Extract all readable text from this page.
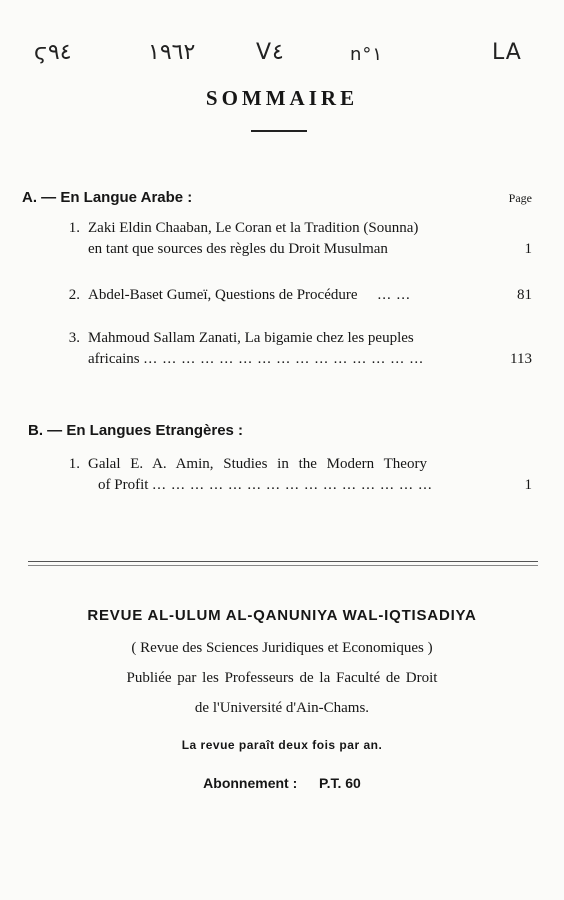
ϛ٩٤	١٩٦٢	V٤	n°١	LA
SOMMAIRE
A. — En Langue Arabe :	Page
1. Zaki Eldin Chaaban, Le Coran et la Tradition (Sounna)
en tant que sources des règles du Droit Musulman	1
2. Abdel-Baset Gumeï, Questions de Procédure ... ...	81
3. Mahmoud Sallam Zanati, La bigamie chez les peuples
africains ... ... ... ... ... ... ... ... ... ... ... ... ... ... ...	113
B. — En Langues Etrangères :
1. Galal E. A. Amin, Studies in the Modern Theory
of Profit ... ... ... ... ... ... ... ... ... ... ... ... ... ... ...	1
REVUE AL-ULUM AL-QANUNIYA WAL-IQTISADIYA
( Revue des Sciences Juridiques et Economiques )
Publiée par les Professeurs de la Faculté de Droit
de l'Université d'Ain-Chams.
La revue paraît deux fois par an.
Abonnement : P.T. 60
